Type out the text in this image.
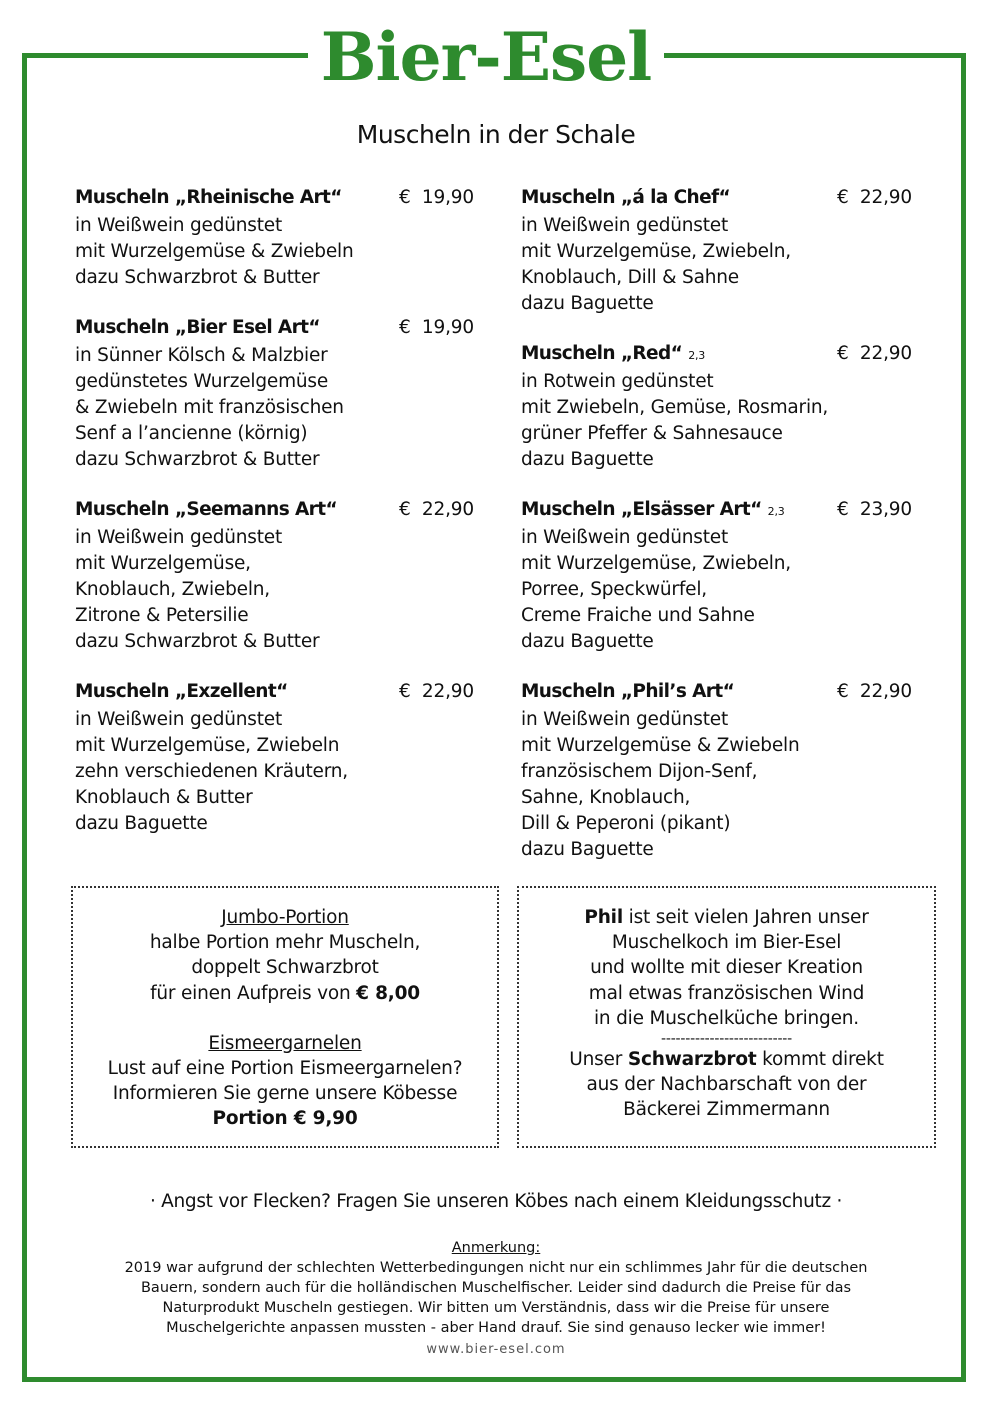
Bier-Esel
Muscheln in der Schale
Muscheln „Rheinische Art“	€  19,90
in Weißwein gedünstet
mit Wurzelgemüse & Zwiebeln
dazu Schwarzbrot & Butter
Muscheln „Bier Esel Art“	€  19,90
in Sünner Kölsch & Malzbier
gedünstetes Wurzelgemüse
& Zwiebeln mit französischen
Senf a l’ancienne (körnig)
dazu Schwarzbrot & Butter
Muscheln „Seemanns Art“	€  22,90
in Weißwein gedünstet
mit Wurzelgemüse,
Knoblauch, Zwiebeln,
Zitrone & Petersilie
dazu Schwarzbrot & Butter
Muscheln „Exzellent“	€  22,90
in Weißwein gedünstet
mit Wurzelgemüse, Zwiebeln
zehn verschiedenen Kräutern,
Knoblauch & Butter
dazu Baguette
Muscheln „á la Chef“	€  22,90
in Weißwein gedünstet
mit Wurzelgemüse, Zwiebeln,
Knoblauch, Dill & Sahne
dazu Baguette
Muscheln „Red“ 2,3	€  22,90
in Rotwein gedünstet
mit Zwiebeln, Gemüse, Rosmarin,
grüner Pfeffer & Sahnesauce
dazu Baguette
Muscheln „Elsässer Art“ 2,3	€  23,90
in Weißwein gedünstet
mit Wurzelgemüse, Zwiebeln,
Porree, Speckwürfel,
Creme Fraiche und Sahne
dazu Baguette
Muscheln „Phil’s Art“	€  22,90
in Weißwein gedünstet
mit Wurzelgemüse & Zwiebeln
französischem Dijon-Senf,
Sahne, Knoblauch,
Dill & Peperoni (pikant)
dazu Baguette
Jumbo-Portion
halbe Portion mehr Muscheln,
doppelt Schwarzbrot
für einen Aufpreis von € 8,00
Eismeergarnelen
Lust auf eine Portion Eismeergarnelen?
Informieren Sie gerne unsere Köbesse
Portion € 9,90
Phil ist seit vielen Jahren unser
Muschelkoch im Bier-Esel
und wollte mit dieser Kreation
mal etwas französischen Wind
in die Muschelküche bringen.
---------------------------
Unser Schwarzbrot kommt direkt
aus der Nachbarschaft von der
Bäckerei Zimmermann
· Angst vor Flecken? Fragen Sie unseren Köbes nach einem Kleidungsschutz ·
Anmerkung:
2019 war aufgrund der schlechten Wetterbedingungen nicht nur ein schlimmes Jahr für die deutschen
Bauern, sondern auch für die holländischen Muschelfischer. Leider sind dadurch die Preise für das
Naturprodukt Muscheln gestiegen. Wir bitten um Verständnis, dass wir die Preise für unsere
Muschelgerichte anpassen mussten - aber Hand drauf. Sie sind genauso lecker wie immer!
www.bier-esel.com
